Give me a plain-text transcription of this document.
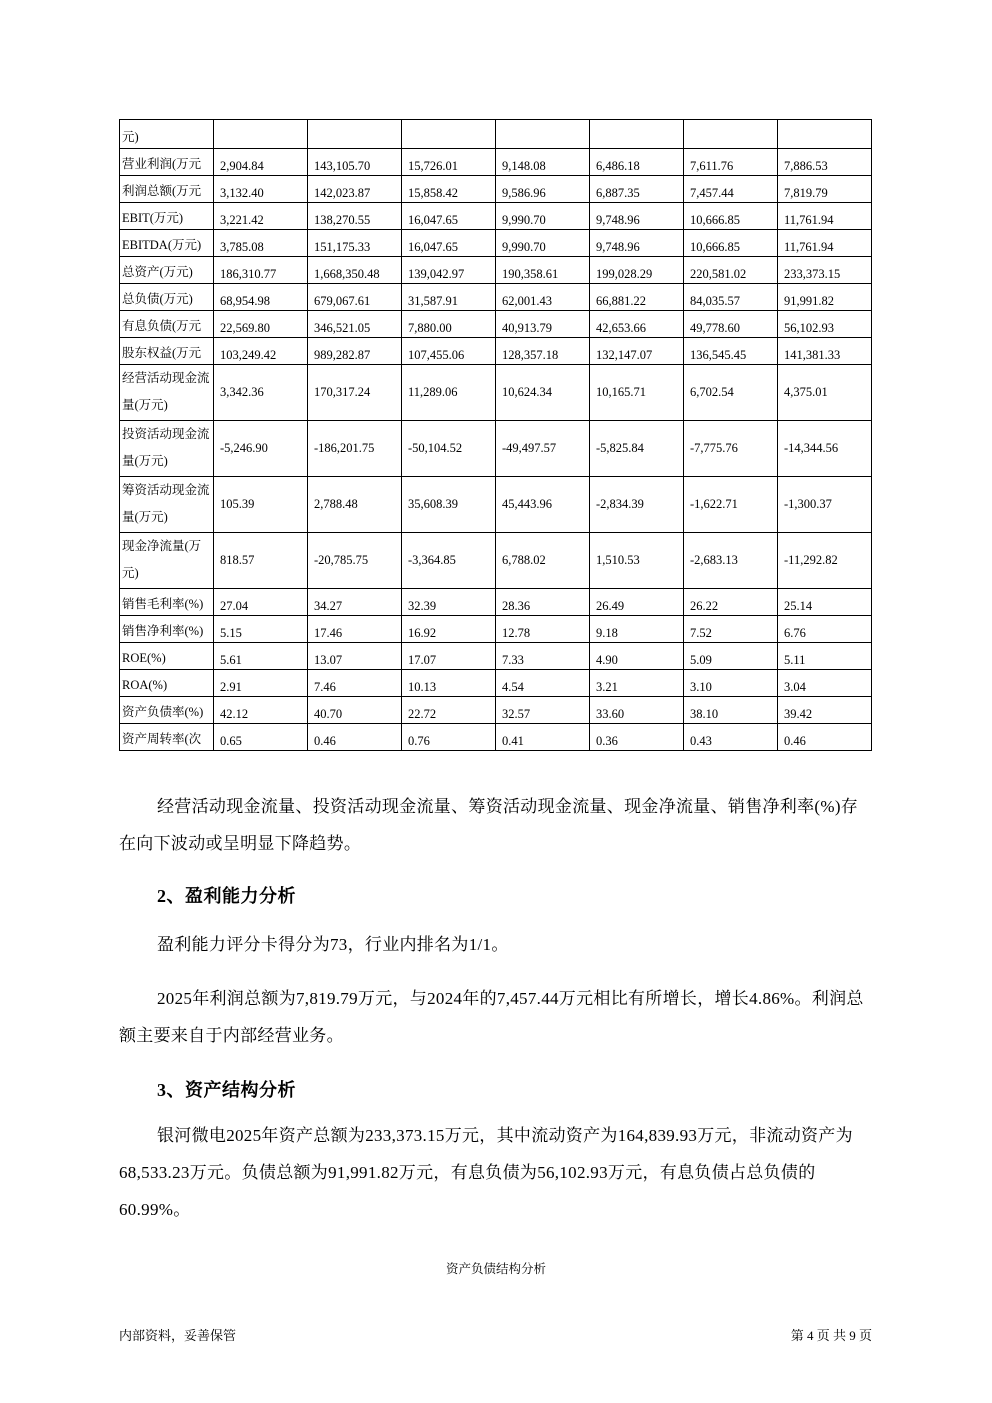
元)							
营业利润(万元	2,904.84	143,105.70	15,726.01	9,148.08	6,486.18	7,611.76	7,886.53
利润总额(万元	3,132.40	142,023.87	15,858.42	9,586.96	6,887.35	7,457.44	7,819.79
EBIT(万元)	3,221.42	138,270.55	16,047.65	9,990.70	9,748.96	10,666.85	11,761.94
EBITDA(万元)	3,785.08	151,175.33	16,047.65	9,990.70	9,748.96	10,666.85	11,761.94
总资产(万元)	186,310.77	1,668,350.48	139,042.97	190,358.61	199,028.29	220,581.02	233,373.15
总负债(万元)	68,954.98	679,067.61	31,587.91	62,001.43	66,881.22	84,035.57	91,991.82
有息负债(万元	22,569.80	346,521.05	7,880.00	40,913.79	42,653.66	49,778.60	56,102.93
股东权益(万元	103,249.42	989,282.87	107,455.06	128,357.18	132,147.07	136,545.45	141,381.33
经营活动现金流量(万元)	3,342.36	170,317.24	11,289.06	10,624.34	10,165.71	6,702.54	4,375.01
投资活动现金流量(万元)	-5,246.90	-186,201.75	-50,104.52	-49,497.57	-5,825.84	-7,775.76	-14,344.56
筹资活动现金流量(万元)	105.39	2,788.48	35,608.39	45,443.96	-2,834.39	-1,622.71	-1,300.37
现金净流量(万元)	818.57	-20,785.75	-3,364.85	6,788.02	1,510.53	-2,683.13	-11,292.82
销售毛利率(%)	27.04	34.27	32.39	28.36	26.49	26.22	25.14
销售净利率(%)	5.15	17.46	16.92	12.78	9.18	7.52	6.76
ROE(%)	5.61	13.07	17.07	7.33	4.90	5.09	5.11
ROA(%)	2.91	7.46	10.13	4.54	3.21	3.10	3.04
资产负债率(%)	42.12	40.70	22.72	32.57	33.60	38.10	39.42
资产周转率(次	0.65	0.46	0.76	0.41	0.36	0.43	0.46
经营活动现金流量、投资活动现金流量、筹资活动现金流量、现金净流量、销售净利率(%)存在向下波动或呈明显下降趋势。
2、盈利能力分析
盈利能力评分卡得分为73，行业内排名为1/1。
2025年利润总额为7,819.79万元，与2024年的7,457.44万元相比有所增长，增长4.86%。利润总额主要来自于内部经营业务。
3、资产结构分析
银河微电2025年资产总额为233,373.15万元，其中流动资产为164,839.93万元，非流动资产为68,533.23万元。负债总额为91,991.82万元，有息负债为56,102.93万元，有息负债占总负债的60.99%。
资产负债结构分析
内部资料，妥善保管	第 4 页 共 9 页
